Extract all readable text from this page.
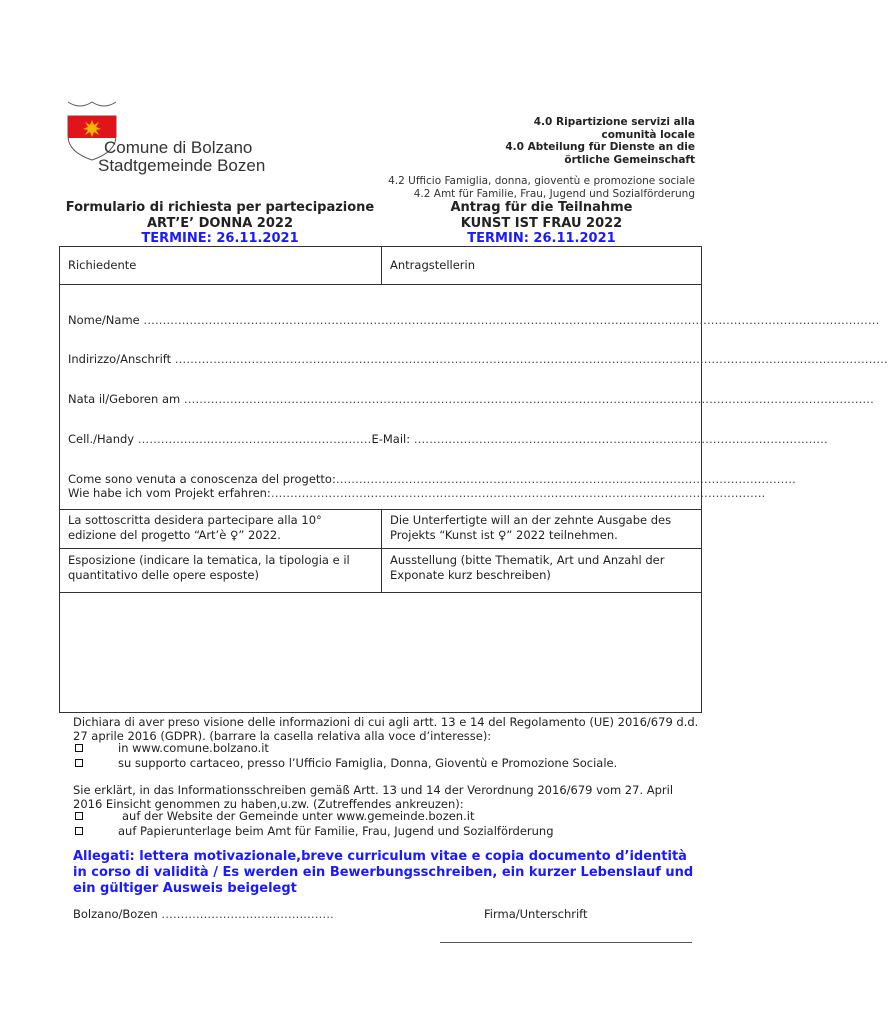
Comune di Bolzano
Stadtgemeinde Bozen
4.0 Ripartizione servizi alla
comunità locale
4.0 Abteilung für Dienste an die
örtliche Gemeinschaft
4.2 Ufficio Famiglia, donna, gioventù e promozione sociale
4.2 Amt für Familie, Frau, Jugend und Sozialförderung
Formulario di richiesta per partecipazione
ART’E’ DONNA 2022
TERMINE: 26.11.2021
Antrag für die Teilnahme
KUNST IST FRAU 2022
TERMIN: 26.11.2021
Richiedente	Antragstellerin
Nome/Name …………………………………………………………………………………………………………………………………………………………………………
Indirizzo/Anschrift ……………………………………………………………………………………………………………………………………………………………………
Nata il/Geboren am ………………………………………………………………………………………………………………………………………………………………
Cell./Handy ……………….……………………………………E-Mail: ………………………………………………………………………………………………
Come sono venuta a conoscenza del progetto:…………………………………………………………………………………………………………
Wie habe ich vom Projekt erfahren:…………………………………………………………………………………………………………………
La sottoscritta desidera partecipare alla 10° edizione del progetto “Art’è ♀” 2022.
Die Unterfertigte will an der zehnte Ausgabe des Projekts “Kunst ist ♀” 2022 teilnehmen.
Esposizione (indicare la tematica, la tipologia e il quantitativo delle opere esposte)
Ausstellung (bitte Thematik, Art und Anzahl der Exponate kurz beschreiben)
Dichiara di aver preso visione delle informazioni di cui agli artt. 13 e 14 del Regolamento (UE) 2016/679 d.d. 27 aprile 2016 (GDPR). (barrare la casella relativa alla voce d’interesse):
in www.comune.bolzano.it
su supporto cartaceo, presso l’Ufficio Famiglia, Donna, Gioventù e Promozione Sociale.
Sie erklärt, in das Informationsschreiben gemäß Artt. 13 und 14 der Verordnung 2016/679 vom 27. April 2016 Einsicht genommen zu haben,u.zw. (Zutreffendes ankreuzen):
auf der Website der Gemeinde unter www.gemeinde.bozen.it
auf Papierunterlage beim Amt für Familie, Frau, Jugend und Sozialförderung
Allegati: lettera motivazionale,breve curriculum vitae e copia documento d’identità in corso di validità / Es werden ein Bewerbungsschreiben, ein kurzer Lebenslauf und ein gültiger Ausweis beigelegt
Bolzano/Bozen ………………………………………	Firma/Unterschrift
